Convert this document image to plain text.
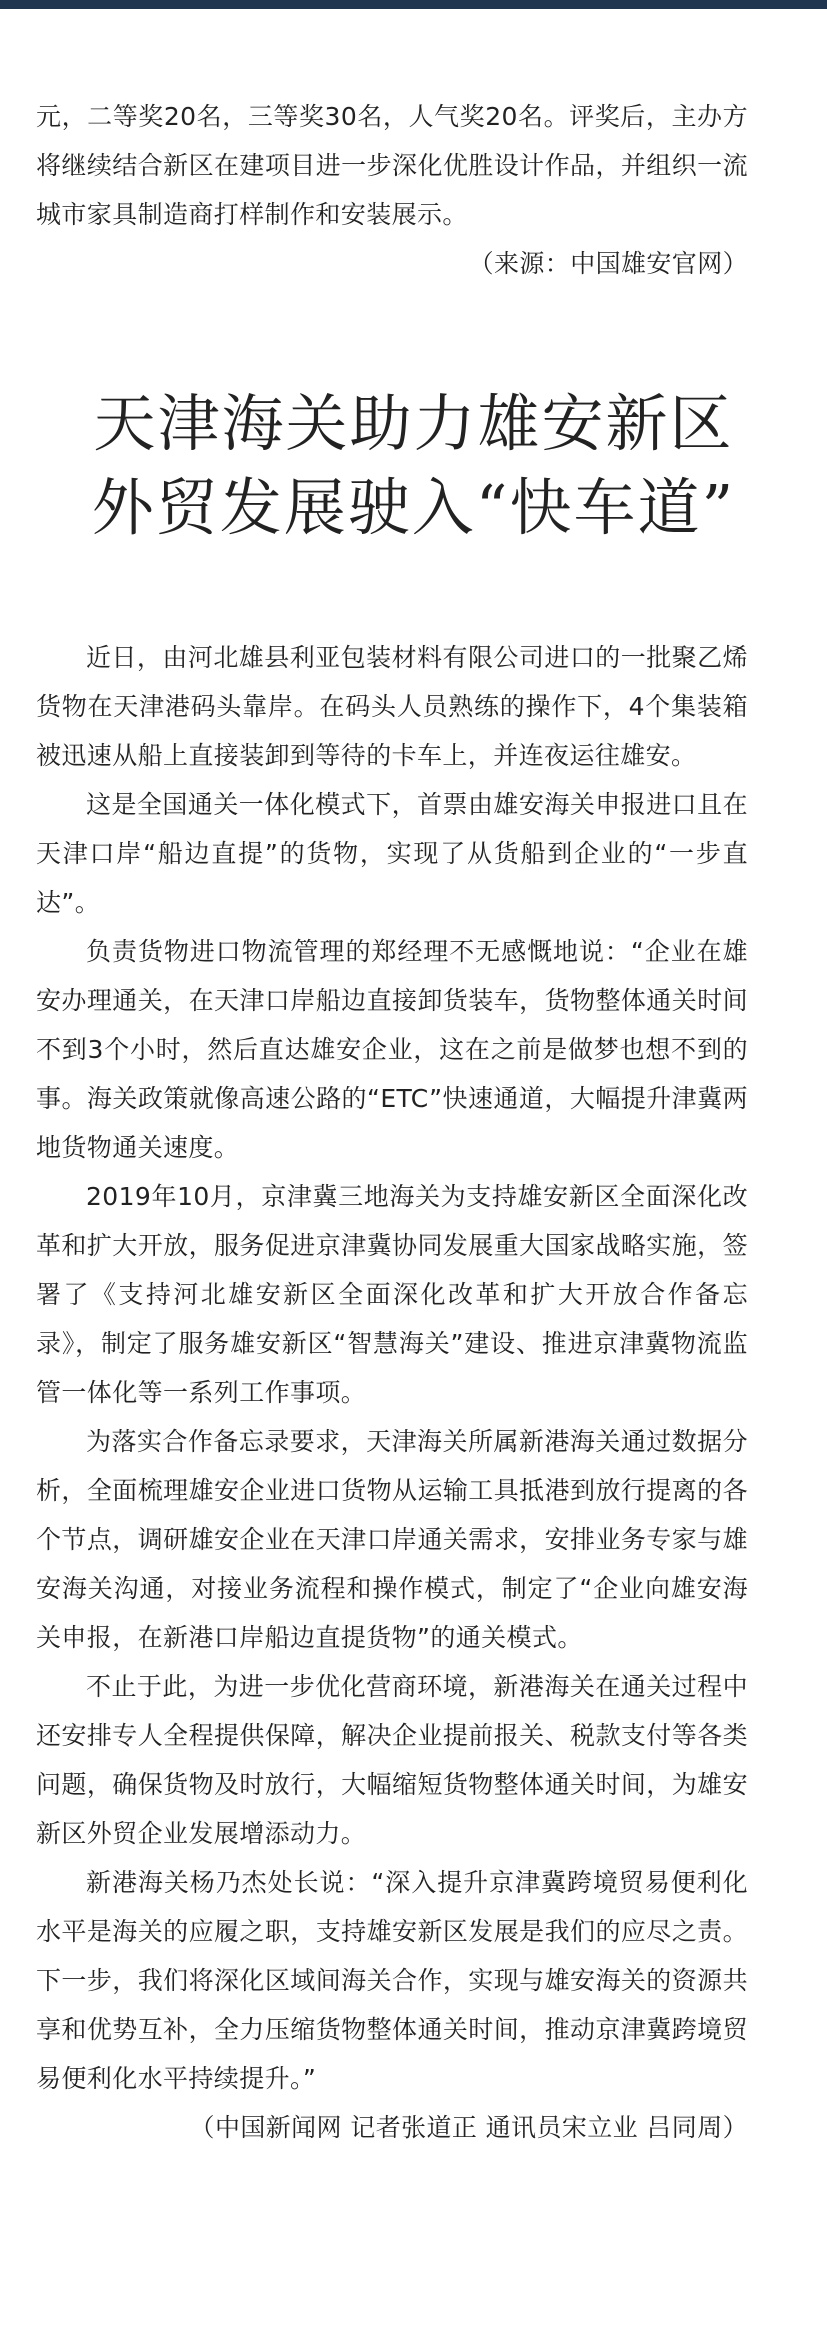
元，二等奖20名，三等奖30名，人气奖20名。评奖后，主办方将继续结合新区在建项目进一步深化优胜设计作品，并组织一流城市家具制造商打样制作和安装展示。

（来源：中国雄安官网）

天津海关助力雄安新区
外贸发展驶入“快车道”

近日，由河北雄县利亚包装材料有限公司进口的一批聚乙烯货物在天津港码头靠岸。在码头人员熟练的操作下，4个集装箱被迅速从船上直接装卸到等待的卡车上，并连夜运往雄安。

这是全国通关一体化模式下，首票由雄安海关申报进口且在天津口岸“船边直提”的货物，实现了从货船到企业的“一步直达”。

负责货物进口物流管理的郑经理不无感慨地说：“企业在雄安办理通关，在天津口岸船边直接卸货装车，货物整体通关时间不到3个小时，然后直达雄安企业，这在之前是做梦也想不到的事。海关政策就像高速公路的“ETC”快速通道，大幅提升津冀两地货物通关速度。

2019年10月，京津冀三地海关为支持雄安新区全面深化改革和扩大开放，服务促进京津冀协同发展重大国家战略实施，签署了《支持河北雄安新区全面深化改革和扩大开放合作备忘录》，制定了服务雄安新区“智慧海关”建设、推进京津冀物流监管一体化等一系列工作事项。

为落实合作备忘录要求，天津海关所属新港海关通过数据分析，全面梳理雄安企业进口货物从运输工具抵港到放行提离的各个节点，调研雄安企业在天津口岸通关需求，安排业务专家与雄安海关沟通，对接业务流程和操作模式，制定了“企业向雄安海关申报，在新港口岸船边直提货物”的通关模式。

不止于此，为进一步优化营商环境，新港海关在通关过程中还安排专人全程提供保障，解决企业提前报关、税款支付等各类问题，确保货物及时放行，大幅缩短货物整体通关时间，为雄安新区外贸企业发展增添动力。

新港海关杨乃杰处长说：“深入提升京津冀跨境贸易便利化水平是海关的应履之职，支持雄安新区发展是我们的应尽之责。下一步，我们将深化区域间海关合作，实现与雄安海关的资源共享和优势互补，全力压缩货物整体通关时间，推动京津冀跨境贸易便利化水平持续提升。”

（中国新闻网 记者张道正 通讯员宋立业 吕同周）
